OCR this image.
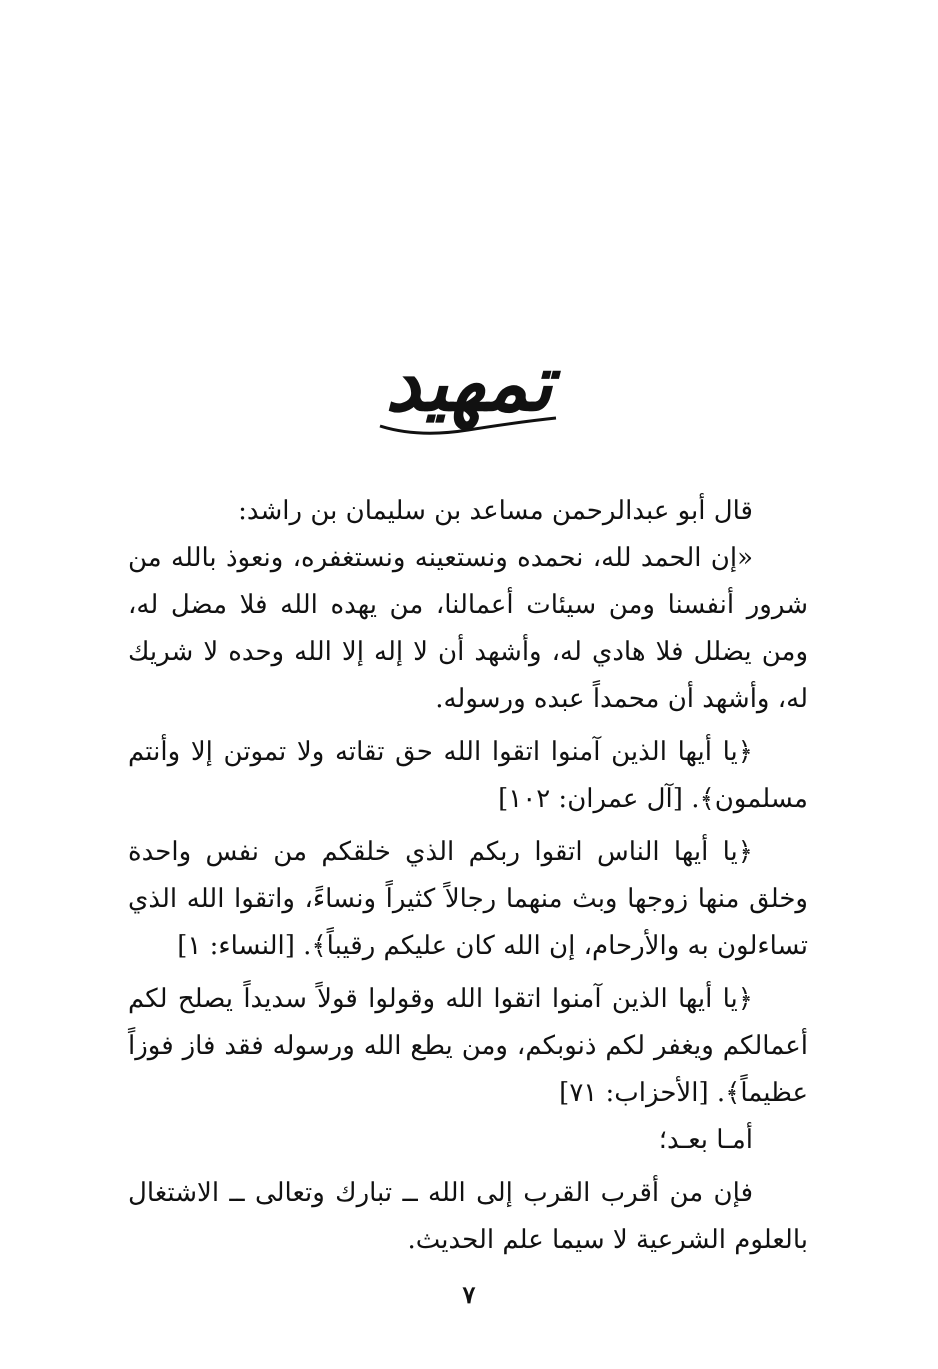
تمهيد

قال أبو عبدالرحمن مساعد بن سليمان بن راشد:

«إن الحمد لله، نحمده ونستعينه ونستغفره، ونعوذ بالله من شرور أنفسنا ومن سيئات أعمالنا، من يهده الله فلا مضل له، ومن يضلل فلا هادي له، وأشهد أن لا إله إلا الله وحده لا شريك له، وأشهد أن محمداً عبده ورسوله.

﴿يا أيها الذين آمنوا اتقوا الله حق تقاته ولا تموتن إلا وأنتم مسلمون﴾. [آل عمران: ١٠٢]

﴿يا أيها الناس اتقوا ربكم الذي خلقكم من نفس واحدة وخلق منها زوجها وبث منهما رجالاً كثيراً ونساءً، واتقوا الله الذي تساءلون به والأرحام، إن الله كان عليكم رقيباً﴾. [النساء: ١]

﴿يا أيها الذين آمنوا اتقوا الله وقولوا قولاً سديداً يصلح لكم أعمالكم ويغفر لكم ذنوبكم، ومن يطع الله ورسوله فقد فاز فوزاً عظيماً﴾. [الأحزاب: ٧١]

أمـا بعـد؛

فإن من أقرب القرب إلى الله ــ تبارك وتعالى ــ الاشتغال بالعلوم الشرعية لا سيما علم الحديث.

٧
